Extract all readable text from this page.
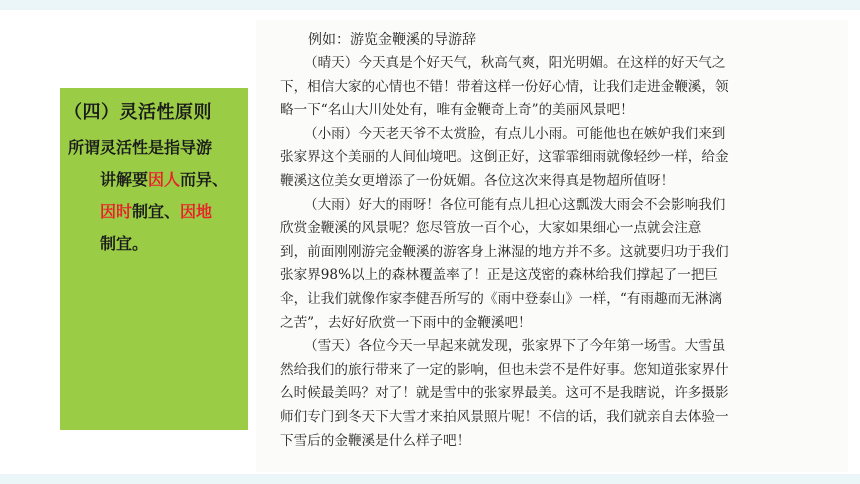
（四）灵活性原则
所谓灵活性是指导游
讲解要因人而异、
因时制宜、因地
制宜。
例如：游览金鞭溪的导游辞
（晴天）今天真是个好天气，秋高气爽，阳光明媚。在这样的好天气之
下，相信大家的心情也不错！带着这样一份好心情，让我们走进金鞭溪，领
略一下“名山大川处处有，唯有金鞭奇上奇”的美丽风景吧！
（小雨）今天老天爷不太赏脸，有点儿小雨。可能他也在嫉妒我们来到
张家界这个美丽的人间仙境吧。这倒正好，这霏霏细雨就像轻纱一样，给金
鞭溪这位美女更增添了一份妩媚。各位这次来得真是物超所值呀！
（大雨）好大的雨呀！各位可能有点儿担心这瓢泼大雨会不会影响我们
欣赏金鞭溪的风景呢？您尽管放一百个心，大家如果细心一点就会注意
到，前面刚刚游完金鞭溪的游客身上淋湿的地方并不多。这就要归功于我们
张家界98%以上的森林覆盖率了！正是这茂密的森林给我们撑起了一把巨
伞，让我们就像作家李健吾所写的《雨中登泰山》一样，“有雨趣而无淋漓
之苦”，去好好欣赏一下雨中的金鞭溪吧！
（雪天）各位今天一早起来就发现，张家界下了今年第一场雪。大雪虽
然给我们的旅行带来了一定的影响，但也未尝不是件好事。您知道张家界什
么时候最美吗？对了！就是雪中的张家界最美。这可不是我瞎说，许多摄影
师们专门到冬天下大雪才来拍风景照片呢！不信的话，我们就亲自去体验一
下雪后的金鞭溪是什么样子吧！
